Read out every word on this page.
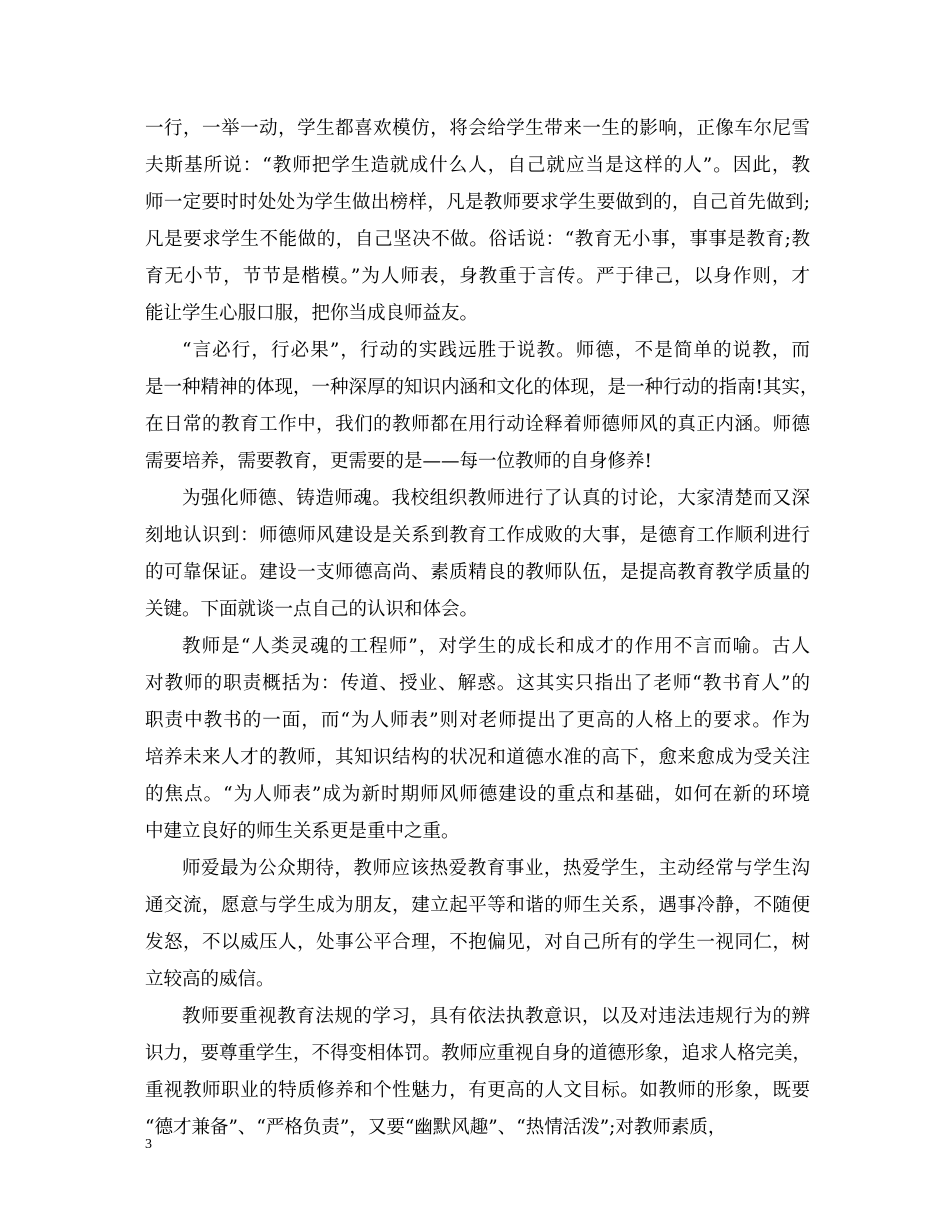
一行，一举一动，学生都喜欢模仿，将会给学生带来一生的影响，正像车尔尼雪
夫斯基所说：“教师把学生造就成什么人，自己就应当是这样的人”。因此，教
师一定要时时处处为学生做出榜样，凡是教师要求学生要做到的，自己首先做到;
凡是要求学生不能做的，自己坚决不做。俗话说：“教育无小事，事事是教育;教
育无小节，节节是楷模。”为人师表，身教重于言传。严于律己，以身作则，才
能让学生心服口服，把你当成良师益友。
“言必行，行必果”，行动的实践远胜于说教。师德，不是简单的说教，而
是一种精神的体现，一种深厚的知识内涵和文化的体现，是一种行动的指南!其实，
在日常的教育工作中，我们的教师都在用行动诠释着师德师风的真正内涵。师德
需要培养，需要教育，更需要的是——每一位教师的自身修养!
为强化师德、铸造师魂。我校组织教师进行了认真的讨论，大家清楚而又深
刻地认识到：师德师风建设是关系到教育工作成败的大事，是德育工作顺利进行
的可靠保证。建设一支师德高尚、素质精良的教师队伍，是提高教育教学质量的
关键。下面就谈一点自己的认识和体会。
教师是“人类灵魂的工程师”，对学生的成长和成才的作用不言而喻。古人
对教师的职责概括为：传道、授业、解惑。这其实只指出了老师“教书育人”的
职责中教书的一面，而“为人师表”则对老师提出了更高的人格上的要求。作为
培养未来人才的教师，其知识结构的状况和道德水准的高下，愈来愈成为受关注
的焦点。“为人师表”成为新时期师风师德建设的重点和基础，如何在新的环境
中建立良好的师生关系更是重中之重。
师爱最为公众期待，教师应该热爱教育事业，热爱学生，主动经常与学生沟
通交流，愿意与学生成为朋友，建立起平等和谐的师生关系，遇事冷静，不随便
发怒，不以威压人，处事公平合理，不抱偏见，对自己所有的学生一视同仁，树
立较高的威信。
教师要重视教育法规的学习，具有依法执教意识，以及对违法违规行为的辨
识力，要尊重学生，不得变相体罚。教师应重视自身的道德形象，追求人格完美，
重视教师职业的特质修养和个性魅力，有更高的人文目标。如教师的形象，既要
“德才兼备”、“严格负责”，又要“幽默风趣”、“热情活泼”;对教师素质，
3
